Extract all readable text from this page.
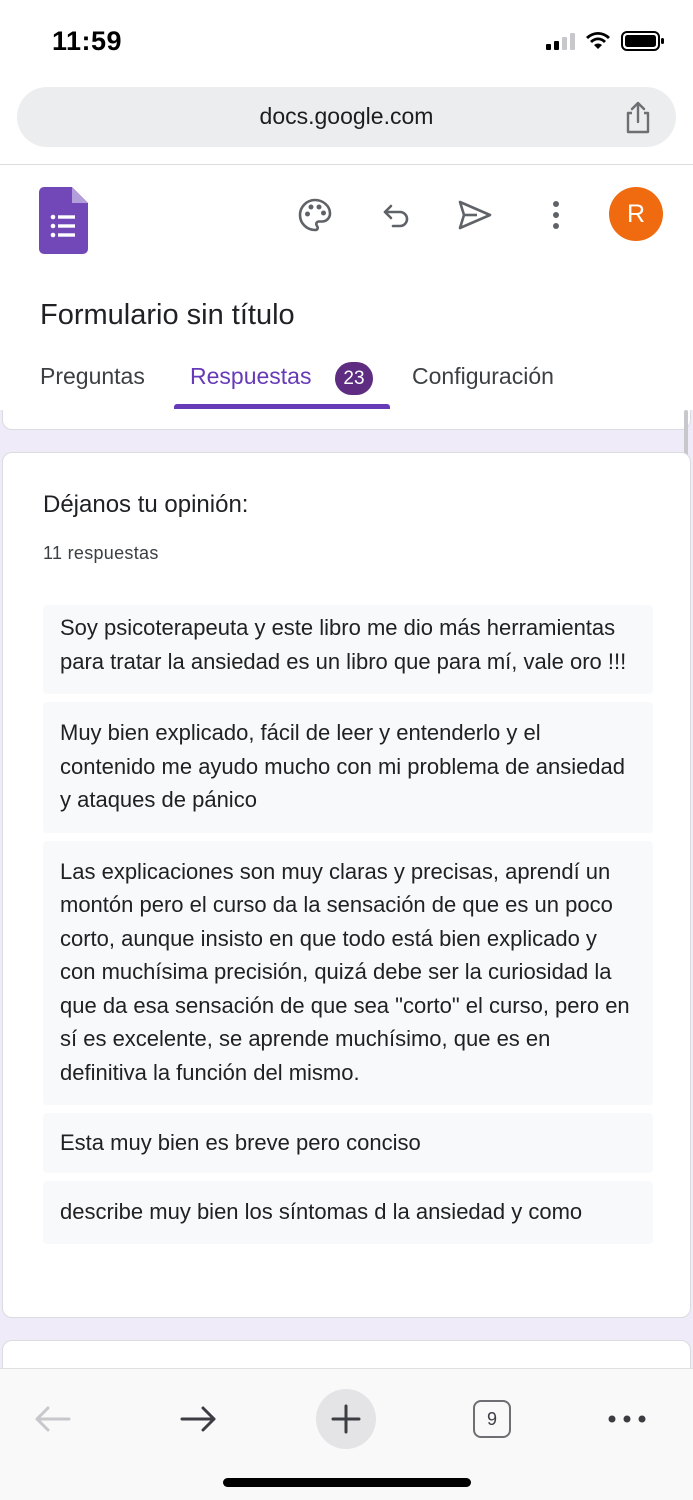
11:59
docs.google.com
R
Formulario sin título
Preguntas Respuestas	23	Configuración
Déjanos tu opinión:
11 respuestas
Soy psicoterapeuta y este libro me dio más herramientas para tratar la ansiedad es un libro que para mí, vale oro !!!
Muy bien explicado, fácil de leer y entenderlo y el contenido me ayudo mucho con mi problema de ansiedad y ataques de pánico
Las explicaciones son muy claras y precisas, aprendí un montón pero el curso da la sensación de que es un poco corto, aunque insisto en que todo está bien explicado y con muchísima precisión, quizá debe ser la curiosidad la que da esa sensación de que sea "corto" el curso, pero en sí es excelente, se aprende muchísimo, que es en definitiva la función del mismo.
Esta muy bien es breve pero conciso
describe muy bien los síntomas d la ansiedad y como
9
